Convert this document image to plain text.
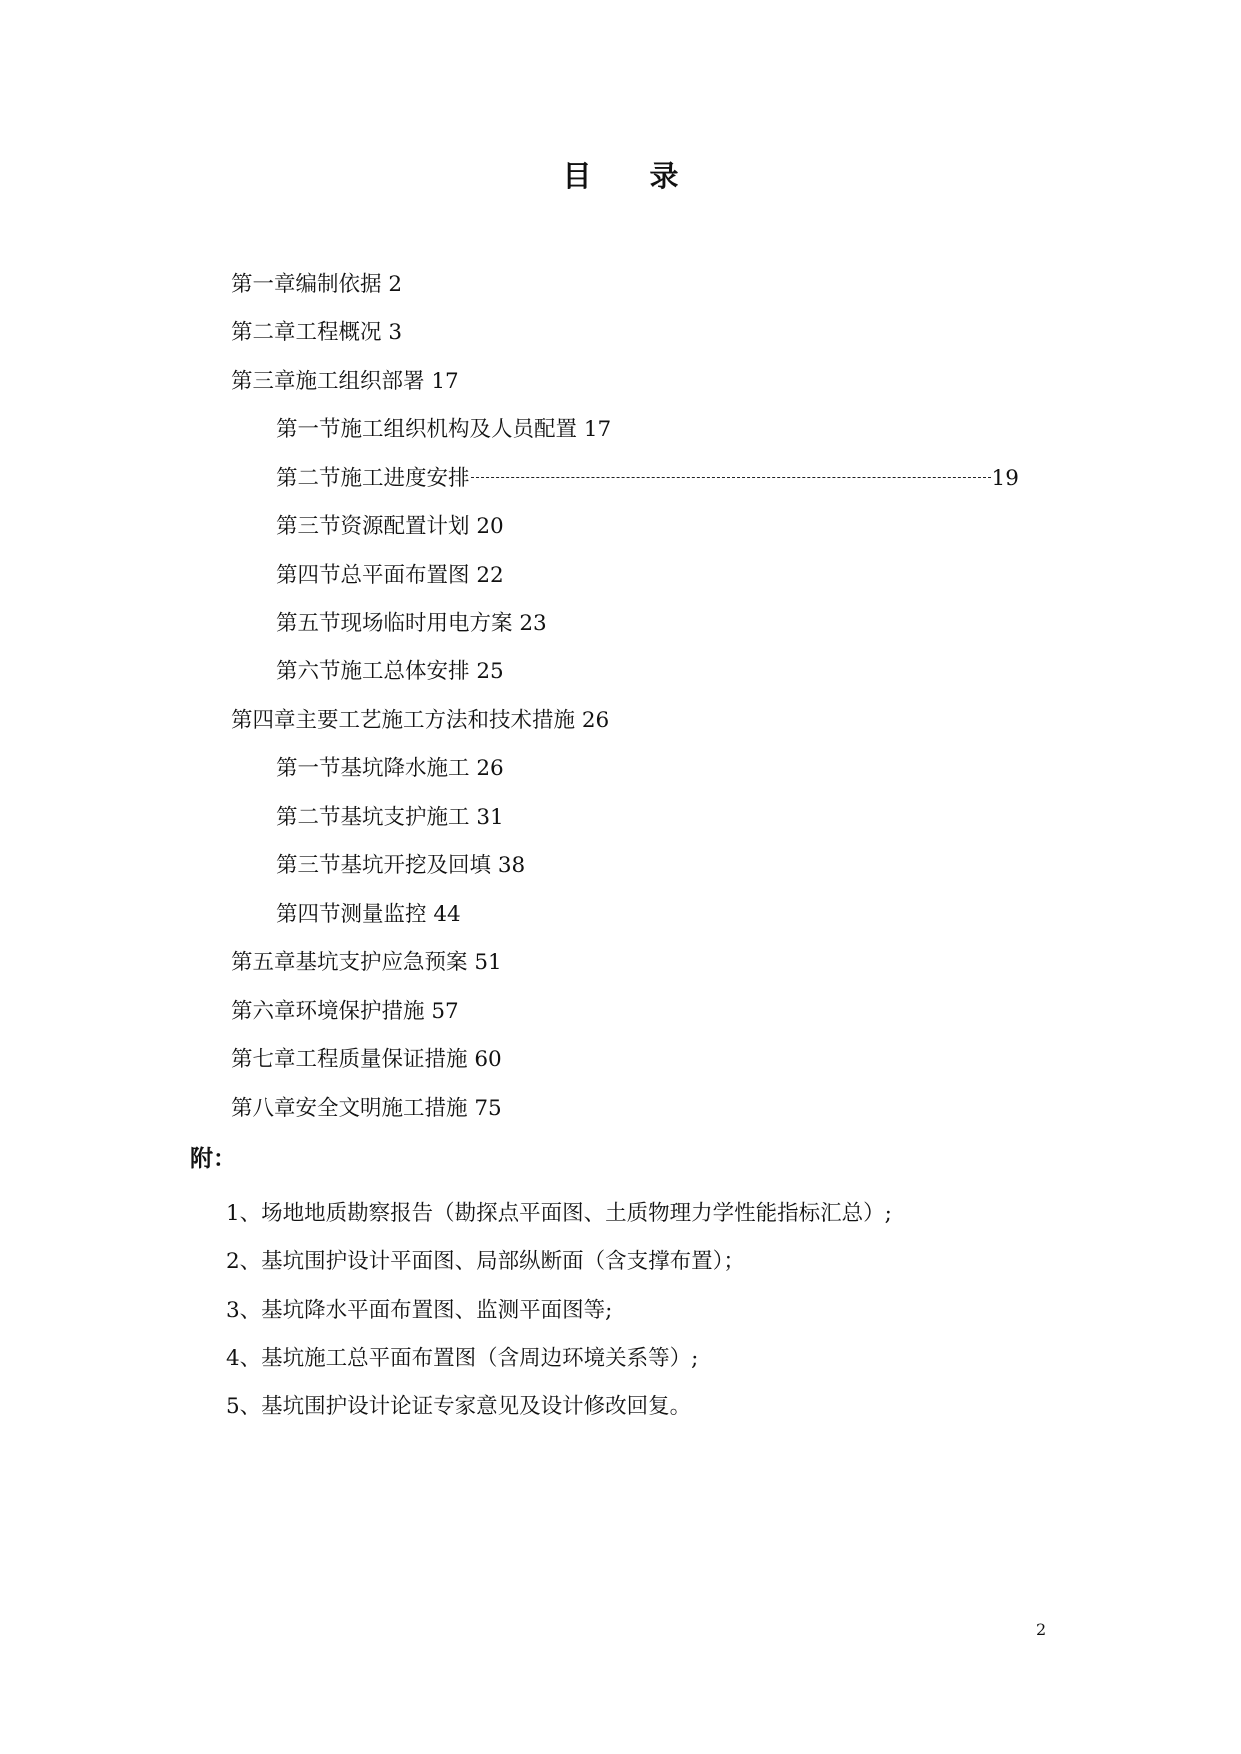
目 录
第一章编制依据 2
第二章工程概况 3
第三章施工组织部署 17
第一节施工组织机构及人员配置 17
第二节施工进度安排	19
第三节资源配置计划 20
第四节总平面布置图 22
第五节现场临时用电方案 23
第六节施工总体安排 25
第四章主要工艺施工方法和技术措施 26
第一节基坑降水施工 26
第二节基坑支护施工 31
第三节基坑开挖及回填 38
第四节测量监控 44
第五章基坑支护应急预案 51
第六章环境保护措施 57
第七章工程质量保证措施 60
第八章安全文明施工措施 75
附：
1、场地地质勘察报告（勘探点平面图、土质物理力学性能指标汇总）;
2、基坑围护设计平面图、局部纵断面（含支撑布置）；
3、基坑降水平面布置图、监测平面图等;
4、基坑施工总平面布置图（含周边环境关系等）;
5、基坑围护设计论证专家意见及设计修改回复。
2
